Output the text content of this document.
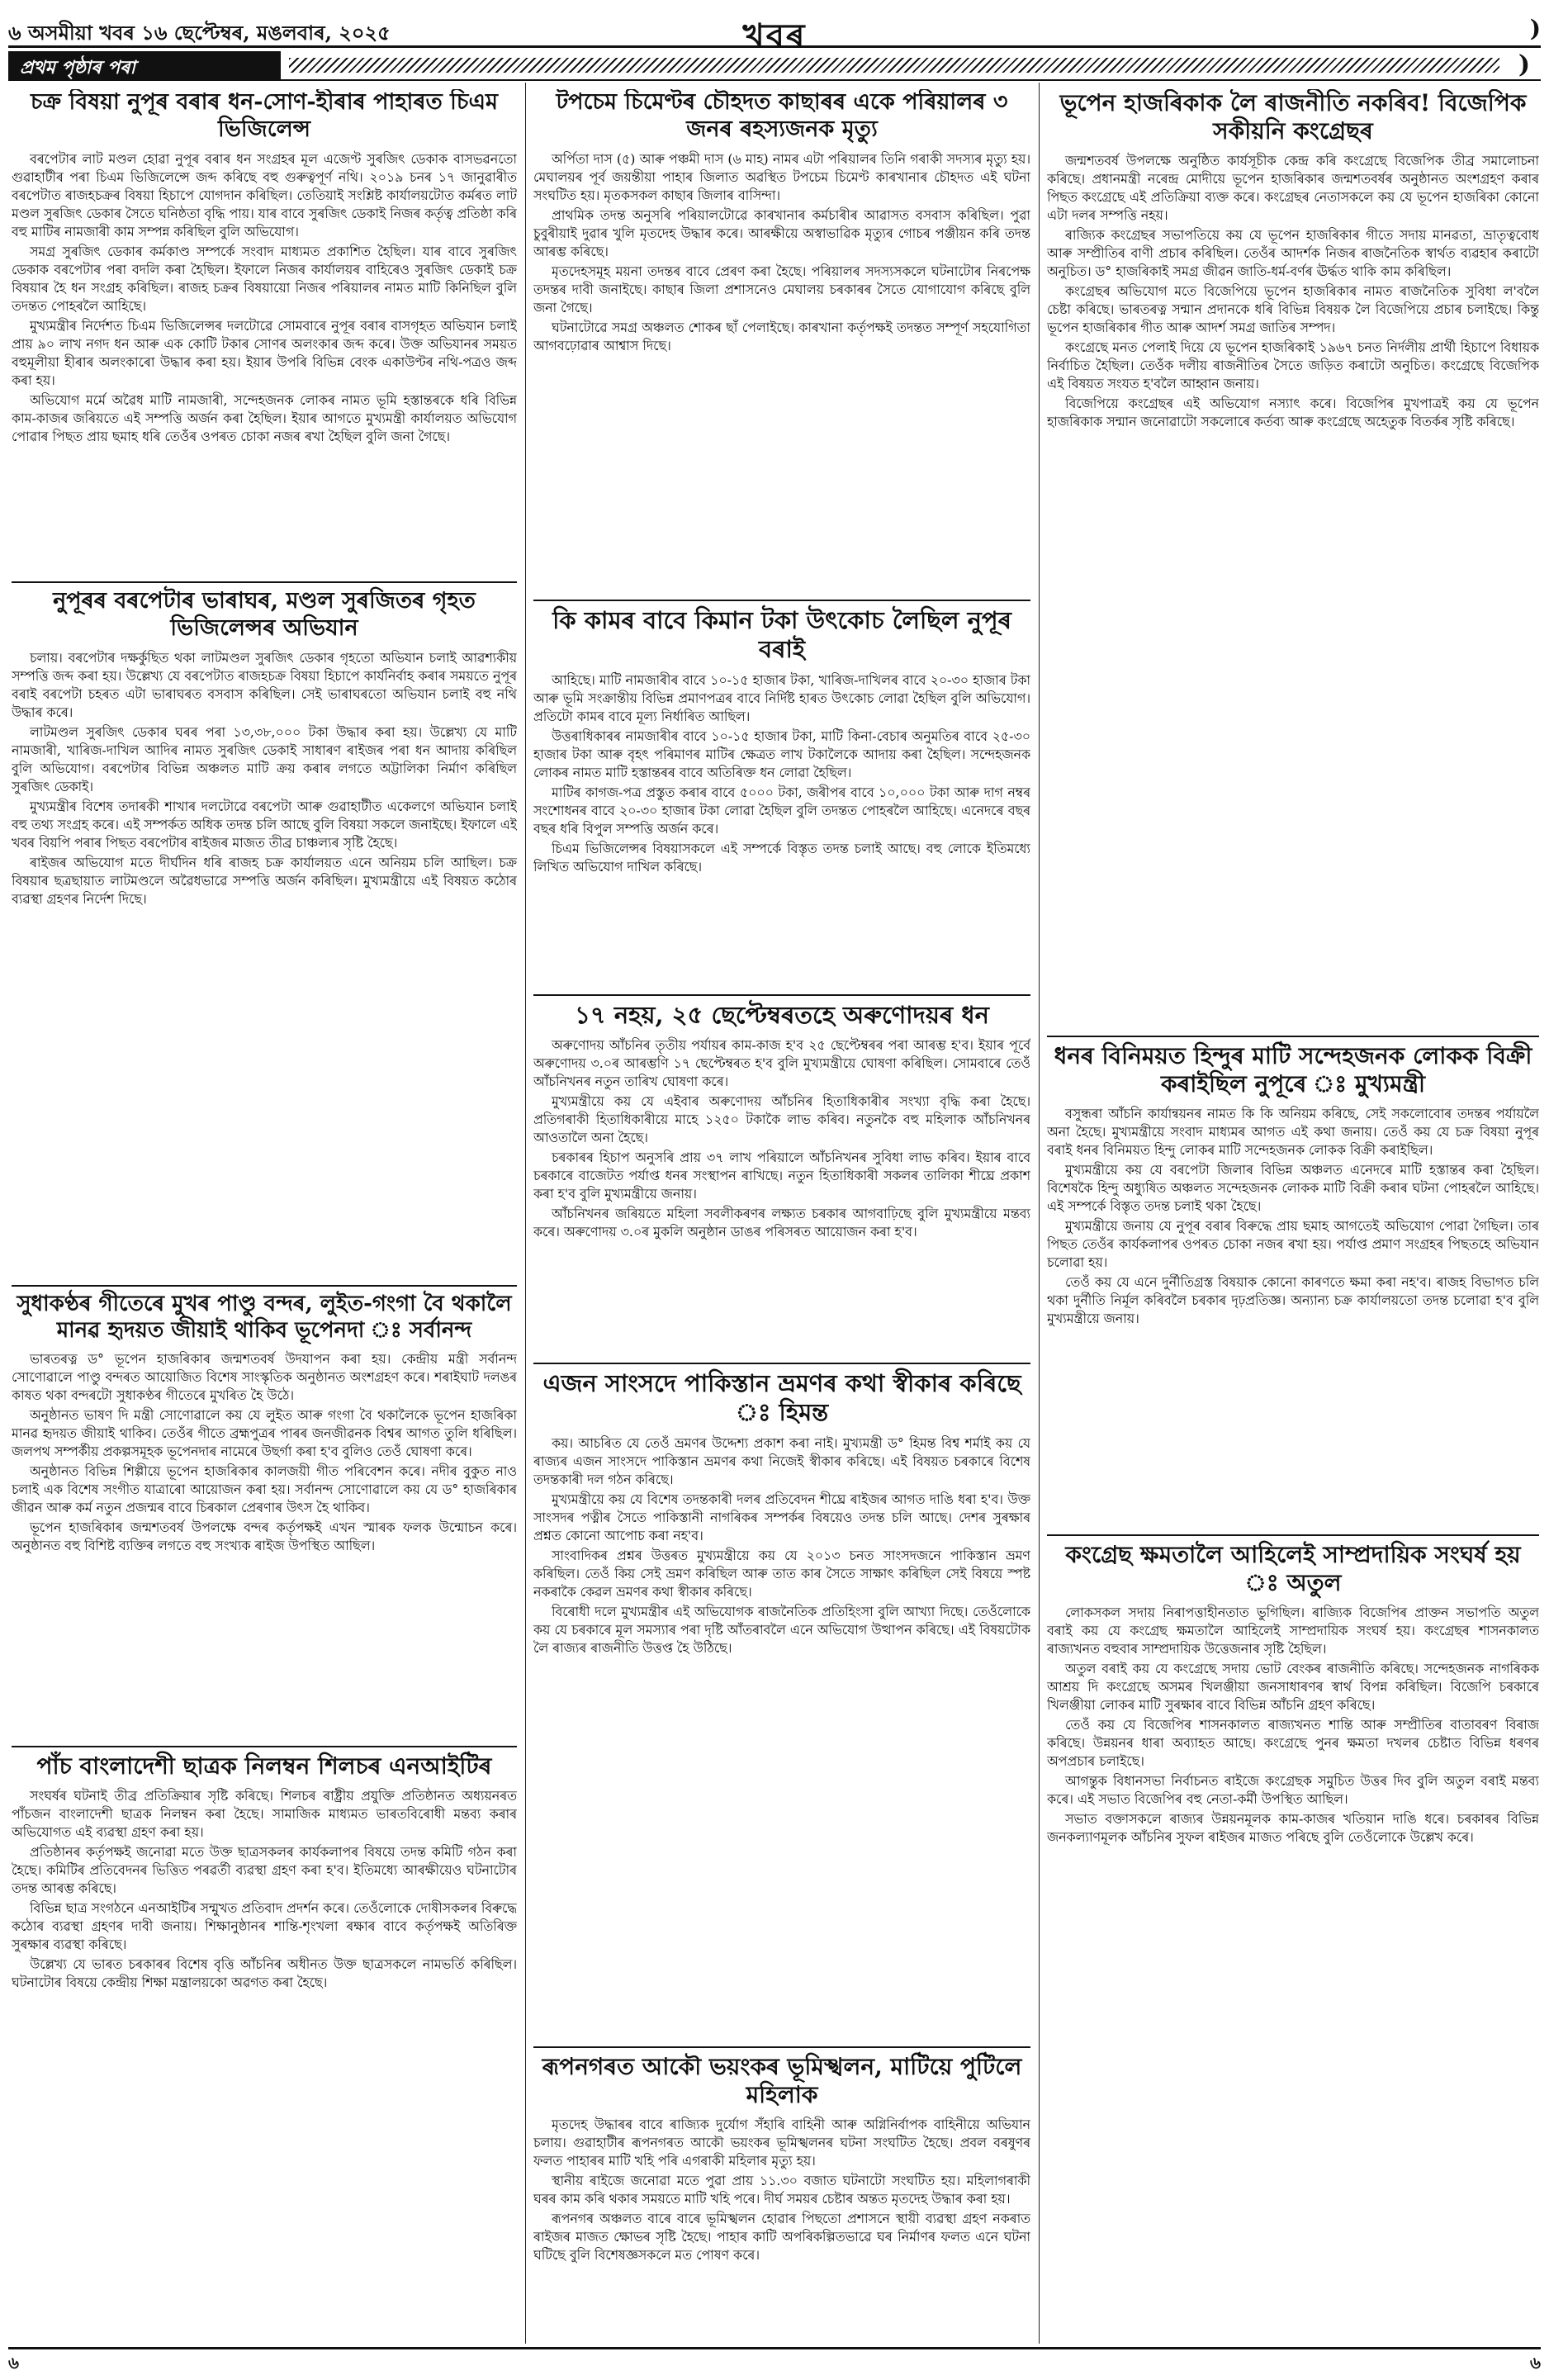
৬ অসমীয়া খবৰ ১৬ ছেপ্টেম্বৰ, মঙলবাৰ, ২০২৫	খবৰ	)
প্ৰথম পৃষ্ঠাৰ পৰা	)
চক্ৰ বিষয়া নুপূৰ বৰাৰ ধন-সোণ-হীৰাৰ পাহাৰত চিএম ভিজিলেন্স

বৰপেটাৰ লাট মণ্ডল হোৱা নুপূৰ বৰাৰ ধন সংগ্ৰহৰ মূল এজেণ্ট সুৰজিৎ ডেকাক বাসভৱনতো গুৱাহাটীৰ পৰা চিএম ভিজিলেন্সে জব্দ কৰিছে বহু গুৰুত্বপূৰ্ণ নথি। ২০১৯ চনৰ ১৭ জানুৱাৰীত বৰপেটাত ৰাজহচক্ৰৰ বিষয়া হিচাপে যোগদান কৰিছিল। তেতিয়াই সংশ্লিষ্ট কাৰ্যালয়টোত কৰ্মৰত লাট মণ্ডল সুৰজিৎ ডেকাৰ সৈতে ঘনিষ্ঠতা বৃদ্ধি পায়। যাৰ বাবে সুৰজিৎ ডেকাই নিজৰ কৰ্তৃত্ব প্ৰতিষ্ঠা কৰি বহু মাটিৰ নামজাৰী কাম সম্পন্ন কৰিছিল বুলি অভিযোগ।

সমগ্ৰ সুৰজিৎ ডেকাৰ কৰ্মকাণ্ড সম্পৰ্কে সংবাদ মাধ্যমত প্ৰকাশিত হৈছিল। যাৰ বাবে সুৰজিৎ ডেকাক বৰপেটাৰ পৰা বদলি কৰা হৈছিল। ইফালে নিজৰ কাৰ্যালয়ৰ বাহিৰেও সুৰজিৎ ডেকাই চক্ৰ বিষয়াৰ হৈ ধন সংগ্ৰহ কৰিছিল। ৰাজহ চক্ৰৰ বিষয়ায়ো নিজৰ পৰিয়ালৰ নামত মাটি কিনিছিল বুলি তদন্তত পোহৰলৈ আহিছে।

মুখ্যমন্ত্ৰীৰ নিৰ্দেশত চিএম ভিজিলেন্সৰ দলটোৱে সোমবাৰে নুপূৰ বৰাৰ বাসগৃহত অভিযান চলাই প্ৰায় ৯০ লাখ নগদ ধন আৰু এক কোটি টকাৰ সোণৰ অলংকাৰ জব্দ কৰে। উক্ত অভিযানৰ সময়ত বহুমূলীয়া হীৰাৰ অলংকাৰো উদ্ধাৰ কৰা হয়। ইয়াৰ উপৰি বিভিন্ন বেংক একাউণ্টৰ নথি-পত্ৰও জব্দ কৰা হয়।

অভিযোগ মৰ্মে অৱৈধ মাটি নামজাৰী, সন্দেহজনক লোকৰ নামত ভূমি হস্তান্তৰকে ধৰি বিভিন্ন কাম-কাজৰ জৰিয়তে এই সম্পত্তি অৰ্জন কৰা হৈছিল। ইয়াৰ আগতে মুখ্যমন্ত্ৰী কাৰ্যালয়ত অভিযোগ পোৱাৰ পিছত প্ৰায় ছমাহ ধৰি তেওঁৰ ওপৰত চোকা নজৰ ৰখা হৈছিল বুলি জনা গৈছে।

নুপূৰৰ বৰপেটাৰ ভাৰাঘৰ, মণ্ডল সুৰজিতৰ গৃহত ভিজিলেন্সৰ অভিযান

চলায়। বৰপেটাৰ দক্ষৰ্কুছিত থকা লাটমণ্ডল সুৰজিৎ ডেকাৰ গৃহতো অভিযান চলাই আৱশ্যকীয় সম্পত্তি জব্দ কৰা হয়। উল্লেখ্য যে বৰপেটাত ৰাজহচক্ৰ বিষয়া হিচাপে কাৰ্যনিৰ্বাহ কৰাৰ সময়তে নুপূৰ বৰাই বৰপেটা চহৰত এটা ভাৰাঘৰত বসবাস কৰিছিল। সেই ভাৰাঘৰতো অভিযান চলাই বহু নথি উদ্ধাৰ কৰে।

লাটমণ্ডল সুৰজিৎ ডেকাৰ ঘৰৰ পৰা ১৩,৩৮,০০০ টকা উদ্ধাৰ কৰা হয়। উল্লেখ্য যে মাটি নামজাৰী, খাৰিজ-দাখিল আদিৰ নামত সুৰজিৎ ডেকাই সাধাৰণ ৰাইজৰ পৰা ধন আদায় কৰিছিল বুলি অভিযোগ। বৰপেটাৰ বিভিন্ন অঞ্চলত মাটি ক্ৰয় কৰাৰ লগতে অট্টালিকা নিৰ্মাণ কৰিছিল সুৰজিৎ ডেকাই।

মুখ্যমন্ত্ৰীৰ বিশেষ তদাৰকী শাখাৰ দলটোৱে বৰপেটা আৰু গুৱাহাটীত একেলগে অভিযান চলাই বহু তথ্য সংগ্ৰহ কৰে। এই সম্পৰ্কত অধিক তদন্ত চলি আছে বুলি বিষয়া সকলে জনাইছে। ইফালে এই খবৰ বিয়পি পৰাৰ পিছত বৰপেটাৰ ৰাইজৰ মাজত তীব্ৰ চাঞ্চল্যৰ সৃষ্টি হৈছে।

ৰাইজৰ অভিযোগ মতে দীৰ্ঘদিন ধৰি ৰাজহ চক্ৰ কাৰ্যালয়ত এনে অনিয়ম চলি আছিল। চক্ৰ বিষয়াৰ ছত্ৰছায়াত লাটমণ্ডলে অৱৈধভাৱে সম্পত্তি অৰ্জন কৰিছিল। মুখ্যমন্ত্ৰীয়ে এই বিষয়ত কঠোৰ ব্যৱস্থা গ্ৰহণৰ নিৰ্দেশ দিছে।

সুধাকণ্ঠৰ গীতেৰে মুখৰ পাণ্ডু বন্দৰ, লুইত-গংগা বৈ থকালৈ মানৱ হৃদয়ত জীয়াই থাকিব ভূপেনদা ঃ সৰ্বানন্দ

ভাৰতৰত্ন ড° ভূপেন হাজৰিকাৰ জন্মশতবৰ্ষ উদযাপন কৰা হয়। কেন্দ্ৰীয় মন্ত্ৰী সৰ্বানন্দ সোণোৱালে পাণ্ডু বন্দৰত আয়োজিত বিশেষ সাংস্কৃতিক অনুষ্ঠানত অংশগ্ৰহণ কৰে। শৰাইঘাট দলঙৰ কাষত থকা বন্দৰটো সুধাকণ্ঠৰ গীতেৰে মুখৰিত হৈ উঠে।

অনুষ্ঠানত ভাষণ দি মন্ত্ৰী সোণোৱালে কয় যে লুইত আৰু গংগা বৈ থকালৈকে ভূপেন হাজৰিকা মানৱ হৃদয়ত জীয়াই থাকিব। তেওঁৰ গীতে ব্ৰহ্মপুত্ৰৰ পাৰৰ জনজীৱনক বিশ্বৰ আগত তুলি ধৰিছিল। জলপথ সম্পৰ্কীয় প্ৰকল্পসমূহক ভূপেনদাৰ নামেৰে উছৰ্গা কৰা হ'ব বুলিও তেওঁ ঘোষণা কৰে।

অনুষ্ঠানত বিভিন্ন শিল্পীয়ে ভূপেন হাজৰিকাৰ কালজয়ী গীত পৰিবেশন কৰে। নদীৰ বুকুত নাও চলাই এক বিশেষ সংগীত যাত্ৰাৰো আয়োজন কৰা হয়। সৰ্বানন্দ সোণোৱালে কয় যে ড° হাজৰিকাৰ জীৱন আৰু কৰ্ম নতুন প্ৰজন্মৰ বাবে চিৰকাল প্ৰেৰণাৰ উৎস হৈ থাকিব।

ভূপেন হাজৰিকাৰ জন্মশতবৰ্ষ উপলক্ষে বন্দৰ কৰ্তৃপক্ষই এখন স্মাৰক ফলক উন্মোচন কৰে। অনুষ্ঠানত বহু বিশিষ্ট ব্যক্তিৰ লগতে বহু সংখ্যক ৰাইজ উপস্থিত আছিল।

পাঁচ বাংলাদেশী ছাত্ৰক নিলম্বন শিলচৰ এনআইটিৰ

সংঘৰ্ষৰ ঘটনাই তীব্ৰ প্ৰতিক্ৰিয়াৰ সৃষ্টি কৰিছে। শিলচৰ ৰাষ্ট্ৰীয় প্ৰযুক্তি প্ৰতিষ্ঠানত অধ্যয়নৰত পাঁচজন বাংলাদেশী ছাত্ৰক নিলম্বন কৰা হৈছে। সামাজিক মাধ্যমত ভাৰতবিৰোধী মন্তব্য কৰাৰ অভিযোগত এই ব্যৱস্থা গ্ৰহণ কৰা হয়।

প্ৰতিষ্ঠানৰ কৰ্তৃপক্ষই জনোৱা মতে উক্ত ছাত্ৰসকলৰ কাৰ্যকলাপৰ বিষয়ে তদন্ত কমিটি গঠন কৰা হৈছে। কমিটিৰ প্ৰতিবেদনৰ ভিত্তিত পৰৱৰ্তী ব্যৱস্থা গ্ৰহণ কৰা হ'ব। ইতিমধ্যে আৰক্ষীয়েও ঘটনাটোৰ তদন্ত আৰম্ভ কৰিছে।

বিভিন্ন ছাত্ৰ সংগঠনে এনআইটিৰ সন্মুখত প্ৰতিবাদ প্ৰদৰ্শন কৰে। তেওঁলোকে দোষীসকলৰ বিৰুদ্ধে কঠোৰ ব্যৱস্থা গ্ৰহণৰ দাবী জনায়। শিক্ষানুষ্ঠানৰ শান্তি-শৃংখলা ৰক্ষাৰ বাবে কৰ্তৃপক্ষই অতিৰিক্ত সুৰক্ষাৰ ব্যৱস্থা কৰিছে।

উল্লেখ্য যে ভাৰত চৰকাৰৰ বিশেষ বৃত্তি আঁচনিৰ অধীনত উক্ত ছাত্ৰসকলে নামভৰ্তি কৰিছিল। ঘটনাটোৰ বিষয়ে কেন্দ্ৰীয় শিক্ষা মন্ত্ৰালয়কো অৱগত কৰা হৈছে।

টপচেম চিমেণ্টৰ চৌহদত কাছাৰৰ একে পৰিয়ালৰ ৩ জনৰ ৰহস্যজনক মৃত্যু

অৰ্পিতা দাস (৫) আৰু পঞ্চমী দাস (৬ মাহ) নামৰ এটা পৰিয়ালৰ তিনি গৰাকী সদস্যৰ মৃত্যু হয়। মেঘালয়ৰ পূৰ্ব জয়ন্তীয়া পাহাৰ জিলাত অৱস্থিত টপচেম চিমেণ্ট কাৰখানাৰ চৌহদত এই ঘটনা সংঘটিত হয়। মৃতকসকল কাছাৰ জিলাৰ বাসিন্দা।

প্ৰাথমিক তদন্ত অনুসৰি পৰিয়ালটোৱে কাৰখানাৰ কৰ্মচাৰীৰ আৱাসত বসবাস কৰিছিল। পুৱা চুবুৰীয়াই দুৱাৰ খুলি মৃতদেহ উদ্ধাৰ কৰে। আৰক্ষীয়ে অস্বাভাৱিক মৃত্যুৰ গোচৰ পঞ্জীয়ন কৰি তদন্ত আৰম্ভ কৰিছে।

মৃতদেহসমূহ ময়না তদন্তৰ বাবে প্ৰেৰণ কৰা হৈছে। পৰিয়ালৰ সদস্যসকলে ঘটনাটোৰ নিৰপেক্ষ তদন্তৰ দাবী জনাইছে। কাছাৰ জিলা প্ৰশাসনেও মেঘালয় চৰকাৰৰ সৈতে যোগাযোগ কৰিছে বুলি জনা গৈছে।

ঘটনাটোৱে সমগ্ৰ অঞ্চলত শোকৰ ছাঁ পেলাইছে। কাৰখানা কৰ্তৃপক্ষই তদন্তত সম্পূৰ্ণ সহযোগিতা আগবঢ়োৱাৰ আশ্বাস দিছে।

কি কামৰ বাবে কিমান টকা উৎকোচ লৈছিল নুপূৰ বৰাই

আহিছে। মাটি নামজাৰীৰ বাবে ১০-১৫ হাজাৰ টকা, খাৰিজ-দাখিলৰ বাবে ২০-৩০ হাজাৰ টকা আৰু ভূমি সংক্ৰান্তীয় বিভিন্ন প্ৰমাণপত্ৰৰ বাবে নিৰ্দিষ্ট হাৰত উৎকোচ লোৱা হৈছিল বুলি অভিযোগ। প্ৰতিটো কামৰ বাবে মূল্য নিৰ্ধাৰিত আছিল।

উত্তৰাধিকাৰৰ নামজাৰীৰ বাবে ১০-১৫ হাজাৰ টকা, মাটি কিনা-বেচাৰ অনুমতিৰ বাবে ২৫-৩০ হাজাৰ টকা আৰু বৃহৎ পৰিমাণৰ মাটিৰ ক্ষেত্ৰত লাখ টকালৈকে আদায় কৰা হৈছিল। সন্দেহজনক লোকৰ নামত মাটি হস্তান্তৰৰ বাবে অতিৰিক্ত ধন লোৱা হৈছিল।

মাটিৰ কাগজ-পত্ৰ প্ৰস্তুত কৰাৰ বাবে ৫০০০ টকা, জৰীপৰ বাবে ১০,০০০ টকা আৰু দাগ নম্বৰ সংশোধনৰ বাবে ২০-৩০ হাজাৰ টকা লোৱা হৈছিল বুলি তদন্তত পোহৰলৈ আহিছে। এনেদৰে বছৰ বছৰ ধৰি বিপুল সম্পত্তি অৰ্জন কৰে।

চিএম ভিজিলেন্সৰ বিষয়াসকলে এই সম্পৰ্কে বিস্তৃত তদন্ত চলাই আছে। বহু লোকে ইতিমধ্যে লিখিত অভিযোগ দাখিল কৰিছে।

১৭ নহয়, ২৫ ছেপ্টেম্বৰতহে অৰুণোদয়ৰ ধন

অৰুণোদয় আঁচনিৰ তৃতীয় পৰ্যায়ৰ কাম-কাজ হ'ব ২৫ ছেপ্টেম্বৰৰ পৰা আৰম্ভ হ'ব। ইয়াৰ পূৰ্বে অৰুণোদয় ৩.০ৰ আৰম্ভণি ১৭ ছেপ্টেম্বৰত হ'ব বুলি মুখ্যমন্ত্ৰীয়ে ঘোষণা কৰিছিল। সোমবাৰে তেওঁ আঁচনিখনৰ নতুন তাৰিখ ঘোষণা কৰে।

মুখ্যমন্ত্ৰীয়ে কয় যে এইবাৰ অৰুণোদয় আঁচনিৰ হিতাধিকাৰীৰ সংখ্যা বৃদ্ধি কৰা হৈছে। প্ৰতিগৰাকী হিতাধিকাৰীয়ে মাহে ১২৫০ টকাকৈ লাভ কৰিব। নতুনকৈ বহু মহিলাক আঁচনিখনৰ আওতালৈ অনা হৈছে।

চৰকাৰৰ হিচাপ অনুসৰি প্ৰায় ৩৭ লাখ পৰিয়ালে আঁচনিখনৰ সুবিধা লাভ কৰিব। ইয়াৰ বাবে চৰকাৰে বাজেটত পৰ্যাপ্ত ধনৰ সংস্থাপন ৰাখিছে। নতুন হিতাধিকাৰী সকলৰ তালিকা শীঘ্ৰে প্ৰকাশ কৰা হ'ব বুলি মুখ্যমন্ত্ৰীয়ে জনায়।

আঁচনিখনৰ জৰিয়তে মহিলা সবলীকৰণৰ লক্ষ্যত চৰকাৰ আগবাঢ়িছে বুলি মুখ্যমন্ত্ৰীয়ে মন্তব্য কৰে। অৰুণোদয় ৩.০ৰ মুকলি অনুষ্ঠান ডাঙৰ পৰিসৰত আয়োজন কৰা হ'ব।

এজন সাংসদে পাকিস্তান ভ্ৰমণৰ কথা স্বীকাৰ কৰিছে ঃ হিমন্ত

কয়। আচৰিত যে তেওঁ ভ্ৰমণৰ উদ্দেশ্য প্ৰকাশ কৰা নাই। মুখ্যমন্ত্ৰী ড° হিমন্ত বিশ্ব শৰ্মাই কয় যে ৰাজ্যৰ এজন সাংসদে পাকিস্তান ভ্ৰমণৰ কথা নিজেই স্বীকাৰ কৰিছে। এই বিষয়ত চৰকাৰে বিশেষ তদন্তকাৰী দল গঠন কৰিছে।

মুখ্যমন্ত্ৰীয়ে কয় যে বিশেষ তদন্তকাৰী দলৰ প্ৰতিবেদন শীঘ্ৰে ৰাইজৰ আগত দাঙি ধৰা হ'ব। উক্ত সাংসদৰ পত্নীৰ সৈতে পাকিস্তানী নাগৰিকৰ সম্পৰ্কৰ বিষয়েও তদন্ত চলি আছে। দেশৰ সুৰক্ষাৰ প্ৰশ্নত কোনো আপোচ কৰা নহ'ব।

সাংবাদিকৰ প্ৰশ্নৰ উত্তৰত মুখ্যমন্ত্ৰীয়ে কয় যে ২০১৩ চনত সাংসদজনে পাকিস্তান ভ্ৰমণ কৰিছিল। তেওঁ কিয় সেই ভ্ৰমণ কৰিছিল আৰু তাত কাৰ সৈতে সাক্ষাৎ কৰিছিল সেই বিষয়ে স্পষ্ট নকৰাকৈ কেৱল ভ্ৰমণৰ কথা স্বীকাৰ কৰিছে।

বিৰোধী দলে মুখ্যমন্ত্ৰীৰ এই অভিযোগক ৰাজনৈতিক প্ৰতিহিংসা বুলি আখ্যা দিছে। তেওঁলোকে কয় যে চৰকাৰে মূল সমস্যাৰ পৰা দৃষ্টি আঁতৰাবলৈ এনে অভিযোগ উত্থাপন কৰিছে। এই বিষয়টোক লৈ ৰাজ্যৰ ৰাজনীতি উত্তপ্ত হৈ উঠিছে।

ৰূপনগৰত আকৌ ভয়ংকৰ ভূমিস্খলন, মাটিয়ে পুটিলে মহিলাক

মৃতদেহ উদ্ধাৰৰ বাবে ৰাজ্যিক দুৰ্যোগ সঁহাৰি বাহিনী আৰু অগ্নিনিৰ্বাপক বাহিনীয়ে অভিযান চলায়। গুৱাহাটীৰ ৰূপনগৰত আকৌ ভয়ংকৰ ভূমিস্খলনৰ ঘটনা সংঘটিত হৈছে। প্ৰবল বৰষুণৰ ফলত পাহাৰৰ মাটি খহি পৰি এগৰাকী মহিলাৰ মৃত্যু হয়।

স্থানীয় ৰাইজে জনোৱা মতে পুৱা প্ৰায় ১১.৩০ বজাত ঘটনাটো সংঘটিত হয়। মহিলাগৰাকী ঘৰৰ কাম কৰি থকাৰ সময়তে মাটি খহি পৰে। দীৰ্ঘ সময়ৰ চেষ্টাৰ অন্তত মৃতদেহ উদ্ধাৰ কৰা হয়।

ৰূপনগৰ অঞ্চলত বাৰে বাৰে ভূমিস্খলন হোৱাৰ পিছতো প্ৰশাসনে স্থায়ী ব্যৱস্থা গ্ৰহণ নকৰাত ৰাইজৰ মাজত ক্ষোভৰ সৃষ্টি হৈছে। পাহাৰ কাটি অপৰিকল্পিতভাৱে ঘৰ নিৰ্মাণৰ ফলত এনে ঘটনা ঘটিছে বুলি বিশেষজ্ঞসকলে মত পোষণ কৰে।

ভূপেন হাজৰিকাক লৈ ৰাজনীতি নকৰিব! বিজেপিক সকীয়নি কংগ্ৰেছৰ

জন্মশতবৰ্ষ উপলক্ষে অনুষ্ঠিত কাৰ্যসূচীক কেন্দ্ৰ কৰি কংগ্ৰেছে বিজেপিক তীব্ৰ সমালোচনা কৰিছে। প্ৰধানমন্ত্ৰী নৰেন্দ্ৰ মোদীয়ে ভূপেন হাজৰিকাৰ জন্মশতবৰ্ষৰ অনুষ্ঠানত অংশগ্ৰহণ কৰাৰ পিছত কংগ্ৰেছে এই প্ৰতিক্ৰিয়া ব্যক্ত কৰে। কংগ্ৰেছৰ নেতাসকলে কয় যে ভূপেন হাজৰিকা কোনো এটা দলৰ সম্পত্তি নহয়।

ৰাজ্যিক কংগ্ৰেছৰ সভাপতিয়ে কয় যে ভূপেন হাজৰিকাৰ গীতে সদায় মানৱতা, ভ্ৰাতৃত্ববোধ আৰু সম্প্ৰীতিৰ বাণী প্ৰচাৰ কৰিছিল। তেওঁৰ আদৰ্শক নিজৰ ৰাজনৈতিক স্বাৰ্থত ব্যৱহাৰ কৰাটো অনুচিত। ড° হাজৰিকাই সমগ্ৰ জীৱন জাতি-ধৰ্ম-বৰ্ণৰ ঊৰ্দ্ধত থাকি কাম কৰিছিল।

কংগ্ৰেছৰ অভিযোগ মতে বিজেপিয়ে ভূপেন হাজৰিকাৰ নামত ৰাজনৈতিক সুবিধা ল'বলৈ চেষ্টা কৰিছে। ভাৰতৰত্ন সন্মান প্ৰদানকে ধৰি বিভিন্ন বিষয়ক লৈ বিজেপিয়ে প্ৰচাৰ চলাইছে। কিন্তু ভূপেন হাজৰিকাৰ গীত আৰু আদৰ্শ সমগ্ৰ জাতিৰ সম্পদ।

কংগ্ৰেছে মনত পেলাই দিয়ে যে ভূপেন হাজৰিকাই ১৯৬৭ চনত নিৰ্দলীয় প্ৰাৰ্থী হিচাপে বিধায়ক নিৰ্বাচিত হৈছিল। তেওঁক দলীয় ৰাজনীতিৰ সৈতে জড়িত কৰাটো অনুচিত। কংগ্ৰেছে বিজেপিক এই বিষয়ত সংযত হ'বলৈ আহ্বান জনায়।

বিজেপিয়ে কংগ্ৰেছৰ এই অভিযোগ নস্যাৎ কৰে। বিজেপিৰ মুখপাত্ৰই কয় যে ভূপেন হাজৰিকাক সন্মান জনোৱাটো সকলোৰে কৰ্তব্য আৰু কংগ্ৰেছে অহেতুক বিতৰ্কৰ সৃষ্টি কৰিছে।

ধনৰ বিনিময়ত হিন্দুৰ মাটি সন্দেহজনক লোকক বিক্ৰী কৰাইছিল নুপূৰে ঃ মুখ্যমন্ত্ৰী

বসুন্ধৰা আঁচনি কাৰ্যান্বয়নৰ নামত কি কি অনিয়ম কৰিছে, সেই সকলোবোৰ তদন্তৰ পৰ্যায়লৈ অনা হৈছে। মুখ্যমন্ত্ৰীয়ে সংবাদ মাধ্যমৰ আগত এই কথা জনায়। তেওঁ কয় যে চক্ৰ বিষয়া নুপূৰ বৰাই ধনৰ বিনিময়ত হিন্দু লোকৰ মাটি সন্দেহজনক লোকক বিক্ৰী কৰাইছিল।

মুখ্যমন্ত্ৰীয়ে কয় যে বৰপেটা জিলাৰ বিভিন্ন অঞ্চলত এনেদৰে মাটি হস্তান্তৰ কৰা হৈছিল। বিশেষকৈ হিন্দু অধ্যুষিত অঞ্চলত সন্দেহজনক লোকক মাটি বিক্ৰী কৰাৰ ঘটনা পোহৰলৈ আহিছে। এই সম্পৰ্কে বিস্তৃত তদন্ত চলাই থকা হৈছে।

মুখ্যমন্ত্ৰীয়ে জনায় যে নুপূৰ বৰাৰ বিৰুদ্ধে প্ৰায় ছমাহ আগতেই অভিযোগ পোৱা গৈছিল। তাৰ পিছত তেওঁৰ কাৰ্যকলাপৰ ওপৰত চোকা নজৰ ৰখা হয়। পৰ্যাপ্ত প্ৰমাণ সংগ্ৰহৰ পিছতহে অভিযান চলোৱা হয়।

তেওঁ কয় যে এনে দুৰ্নীতিগ্ৰস্ত বিষয়াক কোনো কাৰণতে ক্ষমা কৰা নহ'ব। ৰাজহ বিভাগত চলি থকা দুৰ্নীতি নিৰ্মূল কৰিবলৈ চৰকাৰ দৃঢ়প্ৰতিজ্ঞ। অন্যান্য চক্ৰ কাৰ্যালয়তো তদন্ত চলোৱা হ'ব বুলি মুখ্যমন্ত্ৰীয়ে জনায়।

কংগ্ৰেছ ক্ষমতালৈ আহিলেই সাম্প্ৰদায়িক সংঘৰ্ষ হয় ঃ অতুল

লোকসকল সদায় নিৰাপত্তাহীনতাত ভুগিছিল। ৰাজ্যিক বিজেপিৰ প্ৰাক্তন সভাপতি অতুল বৰাই কয় যে কংগ্ৰেছ ক্ষমতালৈ আহিলেই সাম্প্ৰদায়িক সংঘৰ্ষ হয়। কংগ্ৰেছৰ শাসনকালত ৰাজ্যখনত বহুবাৰ সাম্প্ৰদায়িক উত্তেজনাৰ সৃষ্টি হৈছিল।

অতুল বৰাই কয় যে কংগ্ৰেছে সদায় ভোট বেংকৰ ৰাজনীতি কৰিছে। সন্দেহজনক নাগৰিকক আশ্ৰয় দি কংগ্ৰেছে অসমৰ খিলঞ্জীয়া জনসাধাৰণৰ স্বাৰ্থ বিপন্ন কৰিছিল। বিজেপি চৰকাৰে খিলঞ্জীয়া লোকৰ মাটি সুৰক্ষাৰ বাবে বিভিন্ন আঁচনি গ্ৰহণ কৰিছে।

তেওঁ কয় যে বিজেপিৰ শাসনকালত ৰাজ্যখনত শান্তি আৰু সম্প্ৰীতিৰ বাতাবৰণ বিৰাজ কৰিছে। উন্নয়নৰ ধাৰা অব্যাহত আছে। কংগ্ৰেছে পুনৰ ক্ষমতা দখলৰ চেষ্টাত বিভিন্ন ধৰণৰ অপপ্ৰচাৰ চলাইছে।

আগন্তুক বিধানসভা নিৰ্বাচনত ৰাইজে কংগ্ৰেছক সমুচিত উত্তৰ দিব বুলি অতুল বৰাই মন্তব্য কৰে। এই সভাত বিজেপিৰ বহু নেতা-কৰ্মী উপস্থিত আছিল।

সভাত বক্তাসকলে ৰাজ্যৰ উন্নয়নমূলক কাম-কাজৰ খতিয়ান দাঙি ধৰে। চৰকাৰৰ বিভিন্ন জনকল্যাণমূলক আঁচনিৰ সুফল ৰাইজৰ মাজত পৰিছে বুলি তেওঁলোকে উল্লেখ কৰে।

৬	৬
